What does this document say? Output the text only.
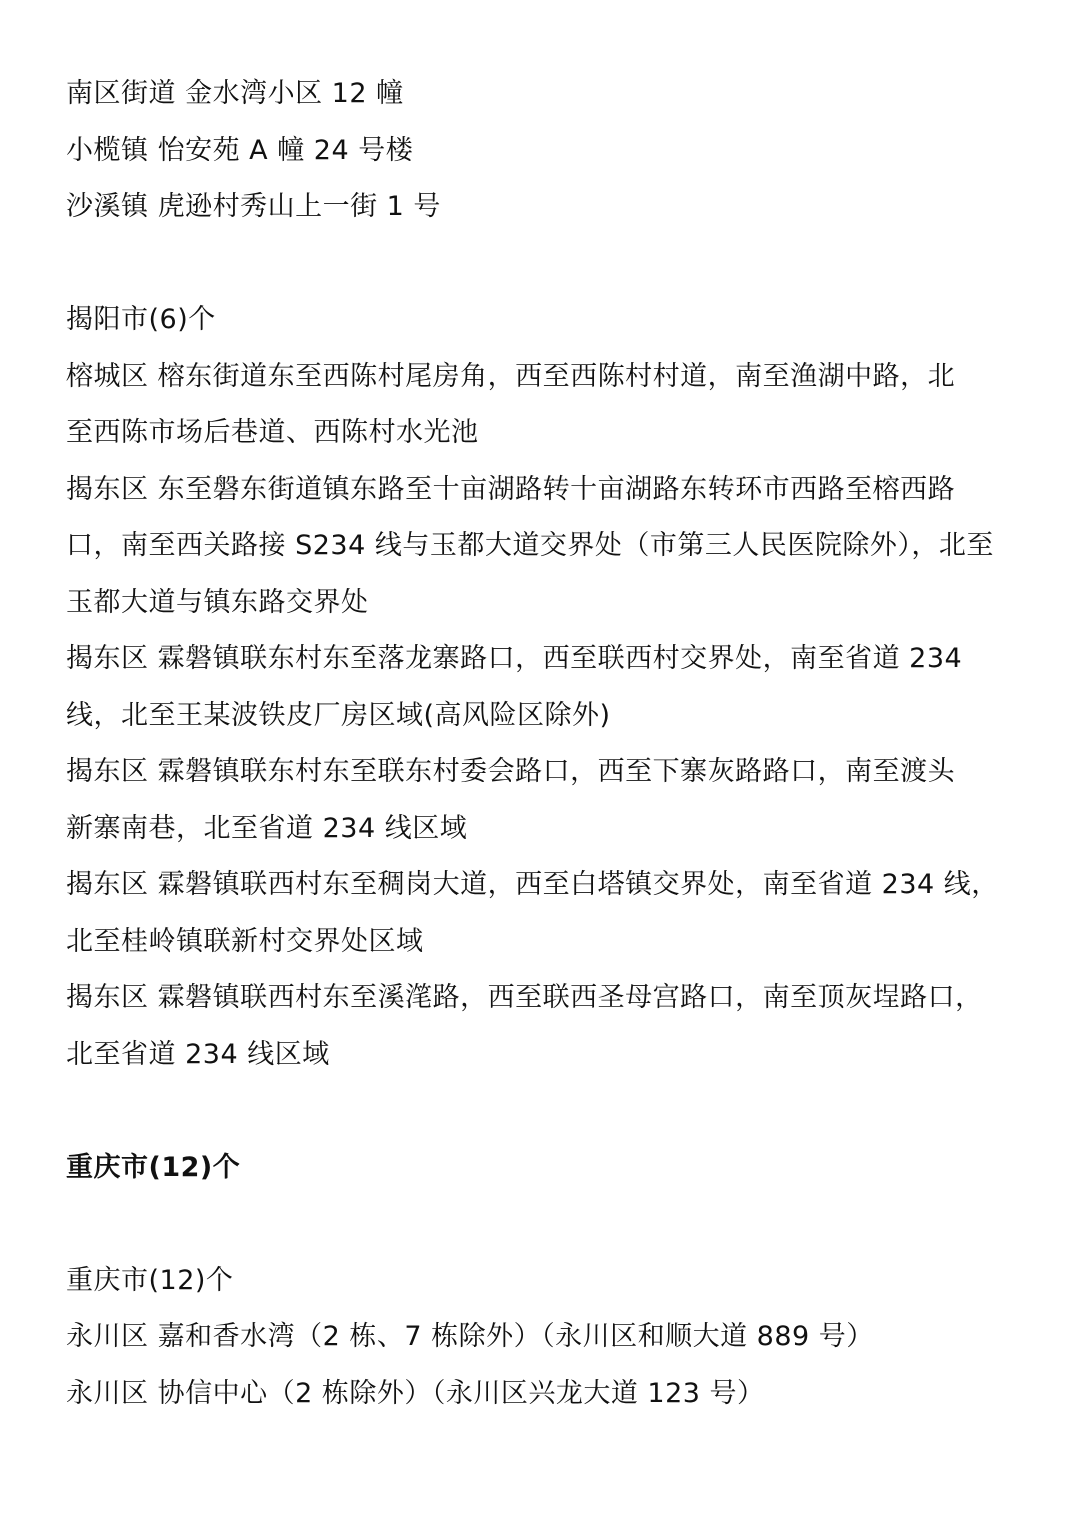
南区街道 金水湾小区 12 幢
小榄镇 怡安苑 A 幢 24 号楼
沙溪镇 虎逊村秀山上一街 1 号
揭阳市(6)个
榕城区 榕东街道东至西陈村尾房角，西至西陈村村道，南至渔湖中路，北
至西陈市场后巷道、西陈村水光池
揭东区 东至磐东街道镇东路至十亩湖路转十亩湖路东转环市西路至榕西路
口，南至西关路接 S234 线与玉都大道交界处（市第三人民医院除外），北至
玉都大道与镇东路交界处
揭东区 霖磐镇联东村东至落龙寨路口，西至联西村交界处，南至省道 234
线，北至王某波铁皮厂房区域(高风险区除外)
揭东区 霖磐镇联东村东至联东村委会路口，西至下寨灰路路口，南至渡头
新寨南巷，北至省道 234 线区域
揭东区 霖磐镇联西村东至稠岗大道，西至白塔镇交界处，南至省道 234 线，
北至桂岭镇联新村交界处区域
揭东区 霖磐镇联西村东至溪滗路，西至联西圣母宫路口，南至顶灰埕路口，
北至省道 234 线区域
重庆市(12)个
重庆市(12)个
永川区 嘉和香水湾（2 栋、7 栋除外）（永川区和顺大道 889 号）
永川区 协信中心（2 栋除外）（永川区兴龙大道 123 号）
